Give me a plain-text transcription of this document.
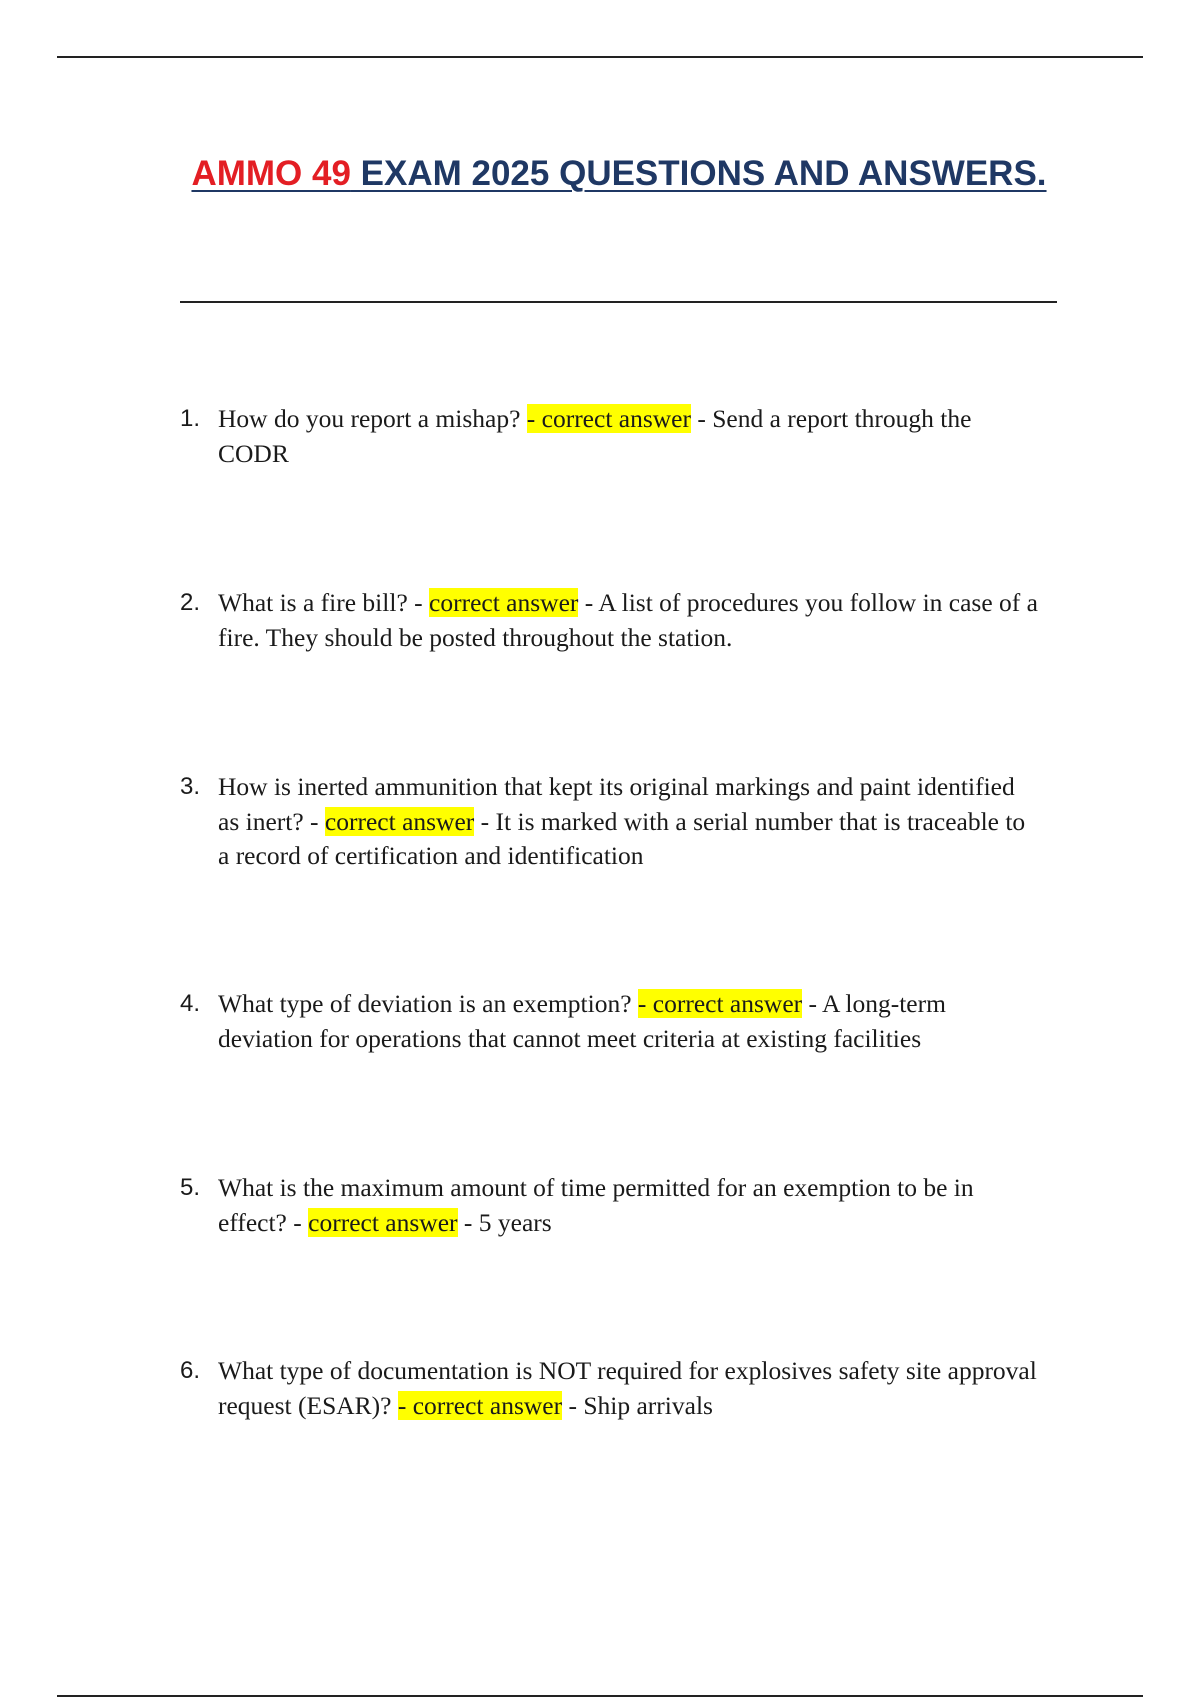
AMMO 49 EXAM 2025 QUESTIONS AND ANSWERS.
1. How do you report a mishap? - correct answer - Send a report through the CODR
2. What is a fire bill? - correct answer - A list of procedures you follow in case of a fire. They should be posted throughout the station.
3. How is inerted ammunition that kept its original markings and paint identified as inert? - correct answer - It is marked with a serial number that is traceable to a record of certification and identification
4. What type of deviation is an exemption? - correct answer - A long-term deviation for operations that cannot meet criteria at existing facilities
5. What is the maximum amount of time permitted for an exemption to be in effect? - correct answer - 5 years
6. What type of documentation is NOT required for explosives safety site approval request (ESAR)? - correct answer - Ship arrivals
